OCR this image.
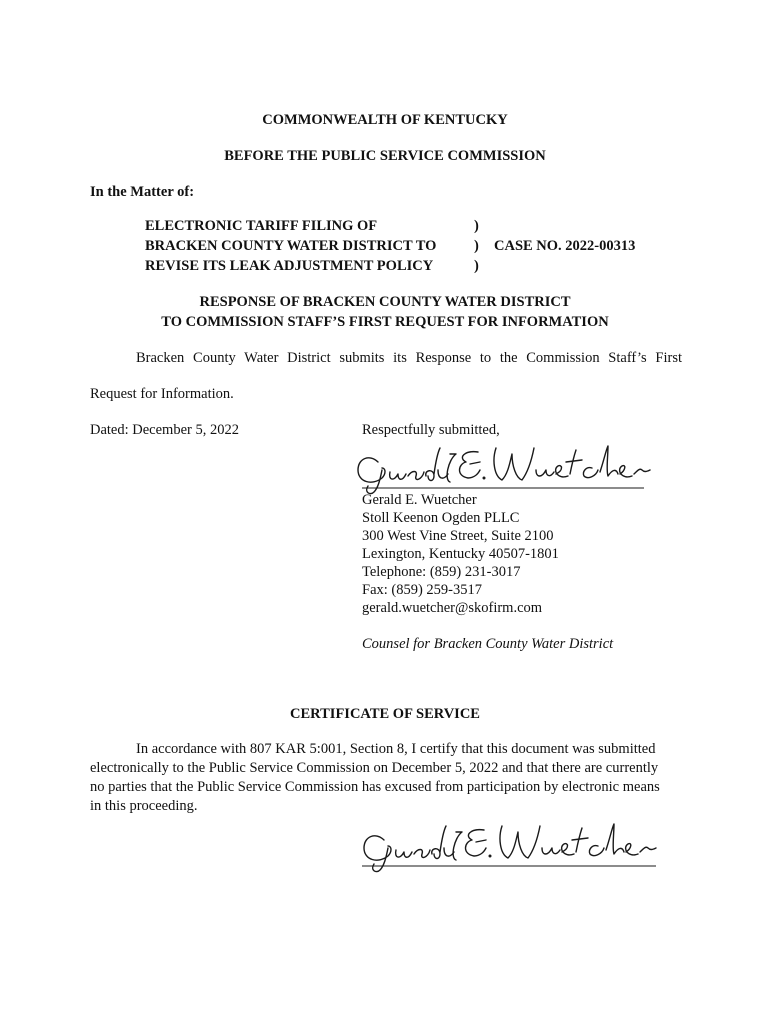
COMMONWEALTH OF KENTUCKY
BEFORE THE PUBLIC SERVICE COMMISSION
In the Matter of:
ELECTRONIC TARIFF FILING OF
BRACKEN COUNTY WATER DISTRICT TO
REVISE ITS LEAK ADJUSTMENT POLICY
)
)
)
CASE NO. 2022-00313
RESPONSE OF BRACKEN COUNTY WATER DISTRICT
TO COMMISSION STAFF’S FIRST REQUEST FOR INFORMATION
Bracken County Water District submits its Response to the Commission Staff’s First
Request for Information.
Dated: December 5, 2022	Respectfully submitted,
Gerald E. Wuetcher
Stoll Keenon Ogden PLLC
300 West Vine Street, Suite 2100
Lexington, Kentucky 40507-1801
Telephone: (859) 231-3017
Fax: (859) 259-3517
gerald.wuetcher@skofirm.com
Counsel for Bracken County Water District
CERTIFICATE OF SERVICE
In accordance with 807 KAR 5:001, Section 8, I certify that this document was submitted
electronically to the Public Service Commission on December 5, 2022 and that there are currently
no parties that the Public Service Commission has excused from participation by electronic means
in this proceeding.
